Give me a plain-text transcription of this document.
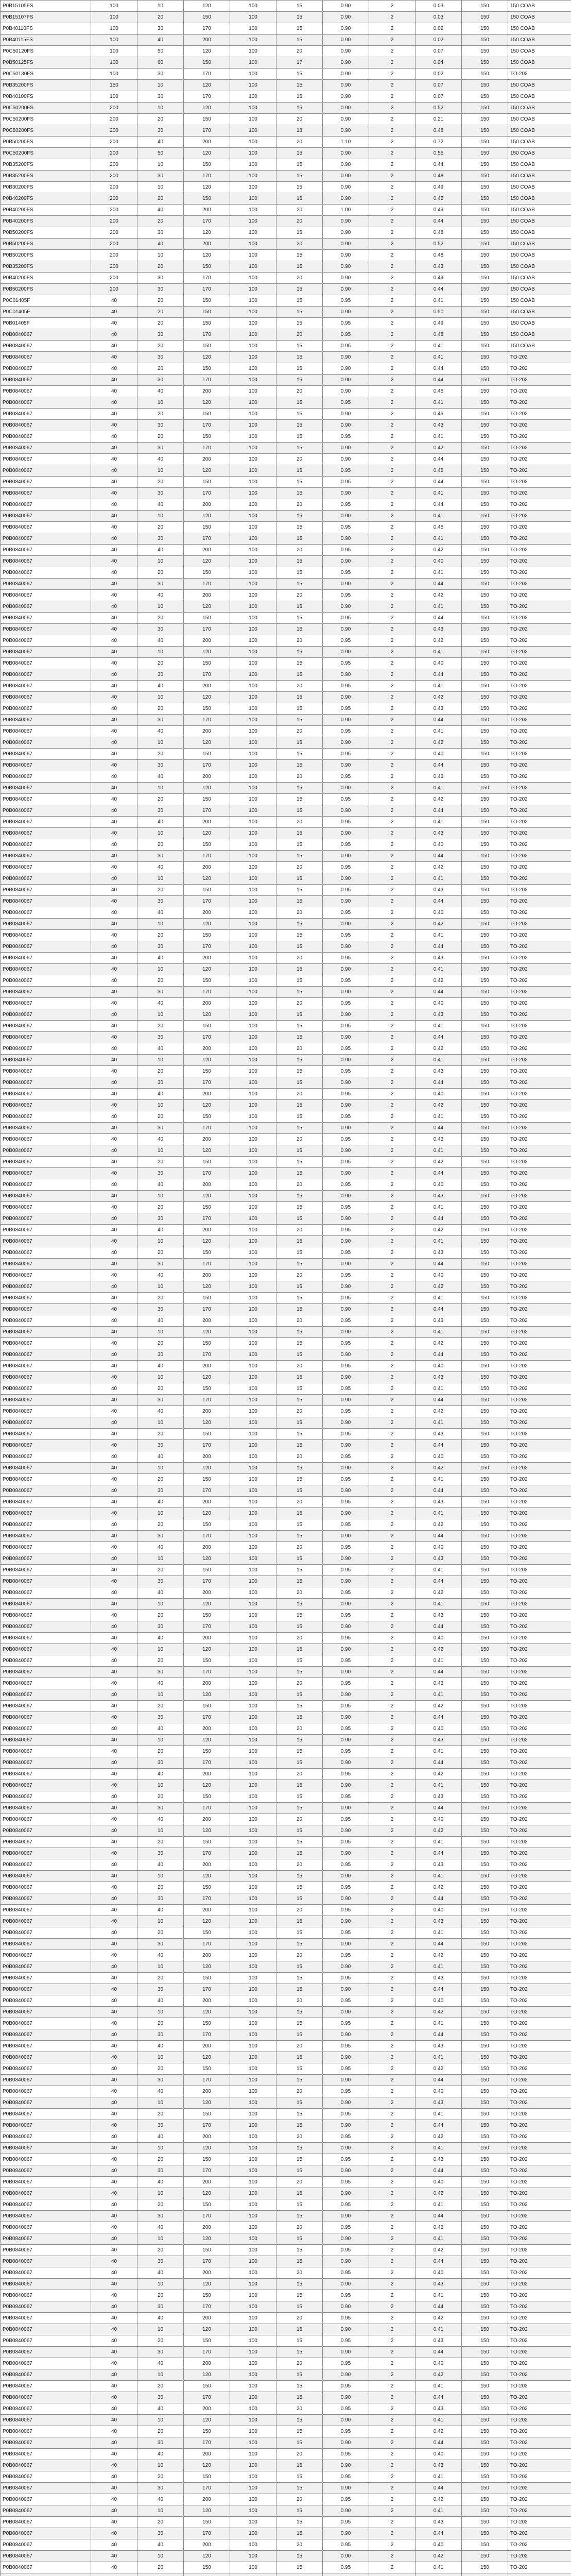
P0B15105FS	100	10	120	100	15	0.90	2	0.03	150	150 COAB
P0B15107FS	100	20	150	100	15	0.90	2	0.03	150	150 COAB
P0B40110FS	100	30	170	100	15	0.90	2	0.02	150	150 COAB
P0B40115FS	100	40	200	100	15	0.90	2	0.02	150	150 COAB
P0C50120FS	100	50	120	100	20	0.90	2	0.07	150	150 COAB
P0B50125FS	100	60	150	100	17	0.90	2	0.04	150	150 COAB
P0C50130FS	100	30	170	100	15	0.90	2	0.02	150	TO-202
P0B35200FS	150	10	120	100	15	0.90	2	0.07	150	150 COAB
P0B40100FS	100	30	170	100	15	0.90	2	0.07	150	150 COAB
P0C50200FS	200	10	120	100	15	0.90	2	0.52	150	150 COAB
P0C50200FS	200	20	150	100	20	0.90	2	0.21	150	150 COAB
P0C50200FS	200	30	170	100	18	0.90	2	0.48	150	150 COAB
P0B50200FS	200	40	200	100	20	1.10	2	0.72	150	150 COAB
P0C50200FS	200	50	120	100	15	0.90	2	0.55	150	150 COAB
P0B35200FS	200	10	150	100	15	0.90	2	0.44	150	150 COAB
P0B35200FS	200	30	170	100	15	0.90	2	0.48	150	150 COAB
P0B30200FS	200	10	120	100	15	0.90	2	0.49	150	150 COAB
P0B40200FS	200	20	150	100	15	0.90	2	0.42	150	150 COAB
P0B40200FS	200	40	200	100	20	1.00	2	0.49	150	150 COAB
P0B40200FS	200	20	170	100	20	0.90	2	0.44	150	150 COAB
P0B50200FS	200	30	120	100	15	0.90	2	0.48	150	150 COAB
P0B50200FS	200	40	200	100	20	0.90	2	0.52	150	150 COAB
P0B50200FS	200	10	120	100	15	0.90	2	0.48	150	150 COAB
P0B35200FS	200	20	150	100	15	0.90	2	0.43	150	150 COAB
P0B40200FS	200	30	170	100	20	0.90	2	0.49	150	150 COAB
P0B50200FS	200	30	170	100	15	0.90	2	0.44	150	150 COAB
P0C01405F	40	20	150	100	15	0.95	2	0.41	150	150 COAB
P0C01405F	40	20	150	100	15	0.90	2	0.50	150	150 COAB
P0B01405F	40	20	150	100	15	0.95	2	0.49	150	150 COAB
P0B0840067	40	30	170	100	20	0.95	2	0.48	150	150 COAB
P0B0840067	40	20	150	100	15	0.95	2	0.41	150	150 COAB
P0B0840067	40	30	120	100	15	0.90	2	0.41	150	TO-202
P0B0840067	40	20	150	100	15	0.90	2	0.44	150	TO-202
P0B0840067	40	30	170	100	15	0.90	2	0.44	150	TO-202
P0B0840067	40	40	200	100	20	0.90	2	0.45	150	TO-202
P0B0840067	40	10	120	100	15	0.95	2	0.41	150	TO-202
P0B0840067	40	20	150	100	15	0.90	2	0.45	150	TO-202
P0B0840067	40	30	170	100	15	0.90	2	0.43	150	TO-202
P0B0840067	40	20	150	100	15	0.95	2	0.41	150	TO-202
P0B0840067	40	30	170	100	15	0.90	2	0.42	150	TO-202
P0B0840067	40	40	200	100	20	0.90	2	0.44	150	TO-202
P0B0840067	40	10	120	100	15	0.95	2	0.45	150	TO-202
P0B0840067	40	20	150	100	15	0.95	2	0.44	150	TO-202
P0B0840067	40	30	170	100	15	0.90	2	0.41	150	TO-202
P0B0840067	40	40	200	100	20	0.95	2	0.44	150	TO-202
P0B0840067	40	10	120	100	15	0.90	2	0.41	150	TO-202
P0B0840067	40	20	150	100	15	0.95	2	0.45	150	TO-202
P0B0840067	40	30	170	100	15	0.90	2	0.41	150	TO-202
P0B0840067	40	40	200	100	20	0.95	2	0.42	150	TO-202
P0B0840067	40	10	120	100	15	0.90	2	0.40	150	TO-202
P0B0840067	40	20	150	100	15	0.95	2	0.41	150	TO-202
P0B0840067	40	30	170	100	15	0.90	2	0.44	150	TO-202
P0B0840067	40	40	200	100	20	0.95	2	0.42	150	TO-202
P0B0840067	40	10	120	100	15	0.90	2	0.41	150	TO-202
P0B0840067	40	20	150	100	15	0.95	2	0.44	150	TO-202
P0B0840067	40	30	170	100	15	0.90	2	0.43	150	TO-202
P0B0840067	40	40	200	100	20	0.95	2	0.42	150	TO-202
P0B0840067	40	10	120	100	15	0.90	2	0.41	150	TO-202
P0B0840067	40	20	150	100	15	0.95	2	0.40	150	TO-202
P0B0840067	40	30	170	100	15	0.90	2	0.44	150	TO-202
P0B0840067	40	40	200	100	20	0.95	2	0.41	150	TO-202
P0B0840067	40	10	120	100	15	0.90	2	0.42	150	TO-202
P0B0840067	40	20	150	100	15	0.95	2	0.43	150	TO-202
P0B0840067	40	30	170	100	15	0.90	2	0.44	150	TO-202
P0B0840067	40	40	200	100	20	0.95	2	0.41	150	TO-202
P0B0840067	40	10	120	100	15	0.90	2	0.42	150	TO-202
P0B0840067	40	20	150	100	15	0.95	2	0.40	150	TO-202
P0B0840067	40	30	170	100	15	0.90	2	0.44	150	TO-202
P0B0840067	40	40	200	100	20	0.95	2	0.43	150	TO-202
P0B0840067	40	10	120	100	15	0.90	2	0.41	150	TO-202
P0B0840067	40	20	150	100	15	0.95	2	0.42	150	TO-202
P0B0840067	40	30	170	100	15	0.90	2	0.44	150	TO-202
P0B0840067	40	40	200	100	20	0.95	2	0.41	150	TO-202
P0B0840067	40	10	120	100	15	0.90	2	0.43	150	TO-202
P0B0840067	40	20	150	100	15	0.95	2	0.40	150	TO-202
P0B0840067	40	30	170	100	15	0.90	2	0.44	150	TO-202
P0B0840067	40	40	200	100	20	0.95	2	0.42	150	TO-202
P0B0840067	40	10	120	100	15	0.90	2	0.41	150	TO-202
P0B0840067	40	20	150	100	15	0.95	2	0.43	150	TO-202
P0B0840067	40	30	170	100	15	0.90	2	0.44	150	TO-202
P0B0840067	40	40	200	100	20	0.95	2	0.40	150	TO-202
P0B0840067	40	10	120	100	15	0.90	2	0.42	150	TO-202
P0B0840067	40	20	150	100	15	0.95	2	0.41	150	TO-202
P0B0840067	40	30	170	100	15	0.90	2	0.44	150	TO-202
P0B0840067	40	40	200	100	20	0.95	2	0.43	150	TO-202
P0B0840067	40	10	120	100	15	0.90	2	0.41	150	TO-202
P0B0840067	40	20	150	100	15	0.95	2	0.42	150	TO-202
P0B0840067	40	30	170	100	15	0.90	2	0.44	150	TO-202
P0B0840067	40	40	200	100	20	0.95	2	0.40	150	TO-202
P0B0840067	40	10	120	100	15	0.90	2	0.43	150	TO-202
P0B0840067	40	20	150	100	15	0.95	2	0.41	150	TO-202
P0B0840067	40	30	170	100	15	0.90	2	0.44	150	TO-202
P0B0840067	40	40	200	100	20	0.95	2	0.42	150	TO-202
P0B0840067	40	10	120	100	15	0.90	2	0.41	150	TO-202
P0B0840067	40	20	150	100	15	0.95	2	0.43	150	TO-202
P0B0840067	40	30	170	100	15	0.90	2	0.44	150	TO-202
P0B0840067	40	40	200	100	20	0.95	2	0.40	150	TO-202
P0B0840067	40	10	120	100	15	0.90	2	0.42	150	TO-202
P0B0840067	40	20	150	100	15	0.95	2	0.41	150	TO-202
P0B0840067	40	30	170	100	15	0.90	2	0.44	150	TO-202
P0B0840067	40	40	200	100	20	0.95	2	0.43	150	TO-202
P0B0840067	40	10	120	100	15	0.90	2	0.41	150	TO-202
P0B0840067	40	20	150	100	15	0.95	2	0.42	150	TO-202
P0B0840067	40	30	170	100	15	0.90	2	0.44	150	TO-202
P0B0840067	40	40	200	100	20	0.95	2	0.40	150	TO-202
P0B0840067	40	10	120	100	15	0.90	2	0.43	150	TO-202
P0B0840067	40	20	150	100	15	0.95	2	0.41	150	TO-202
P0B0840067	40	30	170	100	15	0.90	2	0.44	150	TO-202
P0B0840067	40	40	200	100	20	0.95	2	0.42	150	TO-202
P0B0840067	40	10	120	100	15	0.90	2	0.41	150	TO-202
P0B0840067	40	20	150	100	15	0.95	2	0.43	150	TO-202
P0B0840067	40	30	170	100	15	0.90	2	0.44	150	TO-202
P0B0840067	40	40	200	100	20	0.95	2	0.40	150	TO-202
P0B0840067	40	10	120	100	15	0.90	2	0.42	150	TO-202
P0B0840067	40	20	150	100	15	0.95	2	0.41	150	TO-202
P0B0840067	40	30	170	100	15	0.90	2	0.44	150	TO-202
P0B0840067	40	40	200	100	20	0.95	2	0.43	150	TO-202
P0B0840067	40	10	120	100	15	0.90	2	0.41	150	TO-202
P0B0840067	40	20	150	100	15	0.95	2	0.42	150	TO-202
P0B0840067	40	30	170	100	15	0.90	2	0.44	150	TO-202
P0B0840067	40	40	200	100	20	0.95	2	0.40	150	TO-202
P0B0840067	40	10	120	100	15	0.90	2	0.43	150	TO-202
P0B0840067	40	20	150	100	15	0.95	2	0.41	150	TO-202
P0B0840067	40	30	170	100	15	0.90	2	0.44	150	TO-202
P0B0840067	40	40	200	100	20	0.95	2	0.42	150	TO-202
P0B0840067	40	10	120	100	15	0.90	2	0.41	150	TO-202
P0B0840067	40	20	150	100	15	0.95	2	0.43	150	TO-202
P0B0840067	40	30	170	100	15	0.90	2	0.44	150	TO-202
P0B0840067	40	40	200	100	20	0.95	2	0.40	150	TO-202
P0B0840067	40	10	120	100	15	0.90	2	0.42	150	TO-202
P0B0840067	40	20	150	100	15	0.95	2	0.41	150	TO-202
P0B0840067	40	30	170	100	15	0.90	2	0.44	150	TO-202
P0B0840067	40	40	200	100	20	0.95	2	0.43	150	TO-202
P0B0840067	40	10	120	100	15	0.90	2	0.41	150	TO-202
P0B0840067	40	20	150	100	15	0.95	2	0.42	150	TO-202
P0B0840067	40	30	170	100	15	0.90	2	0.44	150	TO-202
P0B0840067	40	40	200	100	20	0.95	2	0.40	150	TO-202
P0B0840067	40	10	120	100	15	0.90	2	0.43	150	TO-202
P0B0840067	40	20	150	100	15	0.95	2	0.41	150	TO-202
P0B0840067	40	30	170	100	15	0.90	2	0.44	150	TO-202
P0B0840067	40	40	200	100	20	0.95	2	0.42	150	TO-202
P0B0840067	40	10	120	100	15	0.90	2	0.41	150	TO-202
P0B0840067	40	20	150	100	15	0.95	2	0.43	150	TO-202
P0B0840067	40	30	170	100	15	0.90	2	0.44	150	TO-202
P0B0840067	40	40	200	100	20	0.95	2	0.40	150	TO-202
P0B0840067	40	10	120	100	15	0.90	2	0.42	150	TO-202
P0B0840067	40	20	150	100	15	0.95	2	0.41	150	TO-202
P0B0840067	40	30	170	100	15	0.90	2	0.44	150	TO-202
P0B0840067	40	40	200	100	20	0.95	2	0.43	150	TO-202
P0B0840067	40	10	120	100	15	0.90	2	0.41	150	TO-202
P0B0840067	40	20	150	100	15	0.95	2	0.42	150	TO-202
P0B0840067	40	30	170	100	15	0.90	2	0.44	150	TO-202
P0B0840067	40	40	200	100	20	0.95	2	0.40	150	TO-202
P0B0840067	40	10	120	100	15	0.90	2	0.43	150	TO-202
P0B0840067	40	20	150	100	15	0.95	2	0.41	150	TO-202
P0B0840067	40	30	170	100	15	0.90	2	0.44	150	TO-202
P0B0840067	40	40	200	100	20	0.95	2	0.42	150	TO-202
P0B0840067	40	10	120	100	15	0.90	2	0.41	150	TO-202
P0B0840067	40	20	150	100	15	0.95	2	0.43	150	TO-202
P0B0840067	40	30	170	100	15	0.90	2	0.44	150	TO-202
P0B0840067	40	40	200	100	20	0.95	2	0.40	150	TO-202
P0B0840067	40	10	120	100	15	0.90	2	0.42	150	TO-202
P0B0840067	40	20	150	100	15	0.95	2	0.41	150	TO-202
P0B0840067	40	30	170	100	15	0.90	2	0.44	150	TO-202
P0B0840067	40	40	200	100	20	0.95	2	0.43	150	TO-202
P0B0840067	40	10	120	100	15	0.90	2	0.41	150	TO-202
P0B0840067	40	20	150	100	15	0.95	2	0.42	150	TO-202
P0B0840067	40	30	170	100	15	0.90	2	0.44	150	TO-202
P0B0840067	40	40	200	100	20	0.95	2	0.40	150	TO-202
P0B0840067	40	10	120	100	15	0.90	2	0.43	150	TO-202
P0B0840067	40	20	150	100	15	0.95	2	0.41	150	TO-202
P0B0840067	40	30	170	100	15	0.90	2	0.44	150	TO-202
P0B0840067	40	40	200	100	20	0.95	2	0.42	150	TO-202
P0B0840067	40	10	120	100	15	0.90	2	0.41	150	TO-202
P0B0840067	40	20	150	100	15	0.95	2	0.43	150	TO-202
P0B0840067	40	30	170	100	15	0.90	2	0.44	150	TO-202
P0B0840067	40	40	200	100	20	0.95	2	0.40	150	TO-202
P0B0840067	40	10	120	100	15	0.90	2	0.42	150	TO-202
P0B0840067	40	20	150	100	15	0.95	2	0.41	150	TO-202
P0B0840067	40	30	170	100	15	0.90	2	0.44	150	TO-202
P0B0840067	40	40	200	100	20	0.95	2	0.43	150	TO-202
P0B0840067	40	10	120	100	15	0.90	2	0.41	150	TO-202
P0B0840067	40	20	150	100	15	0.95	2	0.42	150	TO-202
P0B0840067	40	30	170	100	15	0.90	2	0.44	150	TO-202
P0B0840067	40	40	200	100	20	0.95	2	0.40	150	TO-202
P0B0840067	40	10	120	100	15	0.90	2	0.43	150	TO-202
P0B0840067	40	20	150	100	15	0.95	2	0.41	150	TO-202
P0B0840067	40	30	170	100	15	0.90	2	0.44	150	TO-202
P0B0840067	40	40	200	100	20	0.95	2	0.42	150	TO-202
P0B0840067	40	10	120	100	15	0.90	2	0.41	150	TO-202
P0B0840067	40	20	150	100	15	0.95	2	0.43	150	TO-202
P0B0840067	40	30	170	100	15	0.90	2	0.44	150	TO-202
P0B0840067	40	40	200	100	20	0.95	2	0.40	150	TO-202
P0B0840067	40	10	120	100	15	0.90	2	0.42	150	TO-202
P0B0840067	40	20	150	100	15	0.95	2	0.41	150	TO-202
P0B0840067	40	30	170	100	15	0.90	2	0.44	150	TO-202
P0B0840067	40	40	200	100	20	0.95	2	0.43	150	TO-202
P0B0840067	40	10	120	100	15	0.90	2	0.41	150	TO-202
P0B0840067	40	20	150	100	15	0.95	2	0.42	150	TO-202
P0B0840067	40	30	170	100	15	0.90	2	0.44	150	TO-202
P0B0840067	40	40	200	100	20	0.95	2	0.40	150	TO-202
P0B0840067	40	10	120	100	15	0.90	2	0.43	150	TO-202
P0B0840067	40	20	150	100	15	0.95	2	0.41	150	TO-202
P0B0840067	40	30	170	100	15	0.90	2	0.44	150	TO-202
P0B0840067	40	40	200	100	20	0.95	2	0.42	150	TO-202
P0B0840067	40	10	120	100	15	0.90	2	0.41	150	TO-202
P0B0840067	40	20	150	100	15	0.95	2	0.43	150	TO-202
P0B0840067	40	30	170	100	15	0.90	2	0.44	150	TO-202
P0B0840067	40	40	200	100	20	0.95	2	0.40	150	TO-202
P0B0840067	40	10	120	100	15	0.90	2	0.42	150	TO-202
P0B0840067	40	20	150	100	15	0.95	2	0.41	150	TO-202
P0B0840067	40	30	170	100	15	0.90	2	0.44	150	TO-202
P0B0840067	40	40	200	100	20	0.95	2	0.43	150	TO-202
P0B0840067	40	10	120	100	15	0.90	2	0.41	150	TO-202
P0B0840067	40	20	150	100	15	0.95	2	0.42	150	TO-202
P0B0840067	40	30	170	100	15	0.90	2	0.44	150	TO-202
P0B0840067	40	40	200	100	20	0.95	2	0.40	150	TO-202
P0B0840067	40	10	120	100	15	0.90	2	0.43	150	TO-202
P0B0840067	40	20	150	100	15	0.95	2	0.41	150	TO-202
P0B0840067	40	30	170	100	15	0.90	2	0.44	150	TO-202
P0B0840067	40	40	200	100	20	0.95	2	0.42	150	TO-202
P0B0840067	40	10	120	100	15	0.90	2	0.41	150	TO-202
P0B0840067	40	20	150	100	15	0.95	2	0.43	150	TO-202
P0B0840067	40	30	170	100	15	0.90	2	0.44	150	TO-202
P0B0840067	40	40	200	100	20	0.95	2	0.40	150	TO-202
P0B0840067	40	10	120	100	15	0.90	2	0.42	150	TO-202
P0B0840067	40	20	150	100	15	0.95	2	0.41	150	TO-202
